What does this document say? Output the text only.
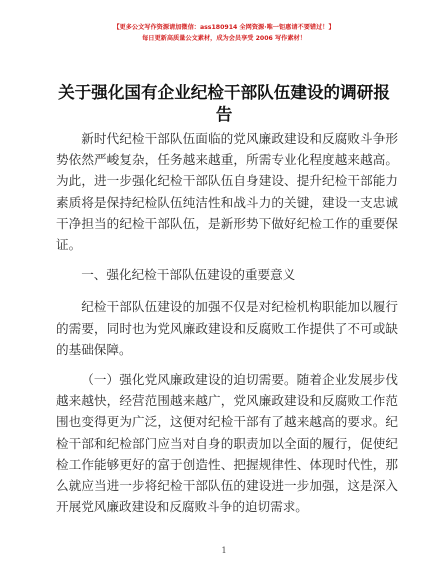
【更多公文写作资源请加微信：ass180914 全网资源·唯一钜惠请不要错过！】
每日更新高质量公文素材，成为会员享受 2006 写作素材！
关于强化国有企业纪检干部队伍建设的调研报告

新时代纪检干部队伍面临的党风廉政建设和反腐败斗争形势依然严峻复杂，任务越来越重，所需专业化程度越来越高。为此，进一步强化纪检干部队伍自身建设、提升纪检干部能力素质将是保持纪检队伍纯洁性和战斗力的关键，建设一支忠诚干净担当的纪检干部队伍，是新形势下做好纪检工作的重要保证。

一、强化纪检干部队伍建设的重要意义

纪检干部队伍建设的加强不仅是对纪检机构职能加以履行的需要，同时也为党风廉政建设和反腐败工作提供了不可或缺的基础保障。

（一）强化党风廉政建设的迫切需要。随着企业发展步伐越来越快，经营范围越来越广，党风廉政建设和反腐败工作范围也变得更为广泛，这便对纪检干部有了越来越高的要求。纪检干部和纪检部门应当对自身的职责加以全面的履行，促使纪检工作能够更好的富于创造性、把握规律性、体现时代性，那么就应当进一步将纪检干部队伍的建设进一步加强，这是深入开展党风廉政建设和反腐败斗争的迫切需求。

1
